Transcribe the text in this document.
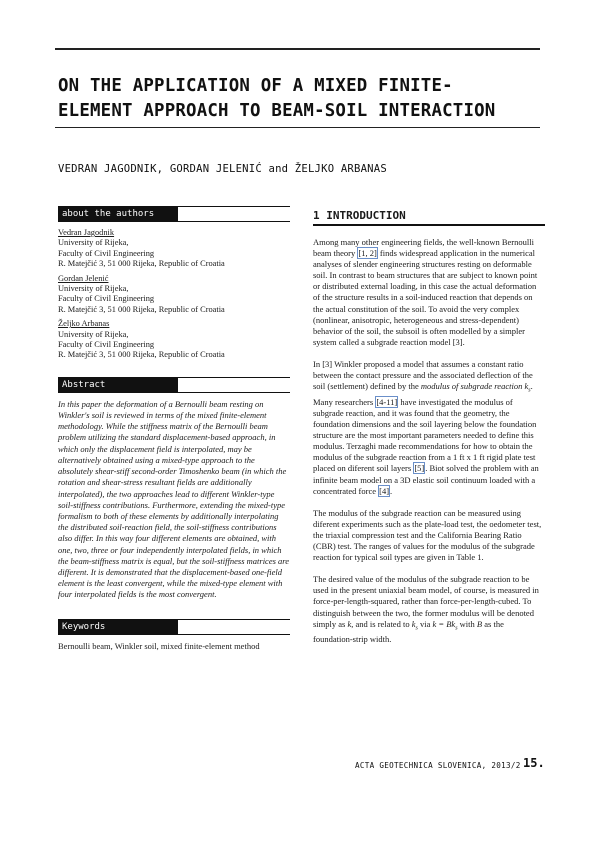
ON THE APPLICATION OF A MIXED FINITE-
ELEMENT APPROACH TO BEAM-SOIL INTERACTION
VEDRAN JAGODNIK, GORDAN JELENIĆ and ŽELJKO ARBANAS
about the authors
Vedran Jagodnik
University of Rijeka,
Faculty of Civil Engineering
R. Matejčić 3, 51 000 Rijeka, Republic of Croatia
Gordan Jelenić
University of Rijeka,
Faculty of Civil Engineering
R. Matejčić 3, 51 000 Rijeka, Republic of Croatia
Željko Arbanas
University of Rijeka,
Faculty of Civil Engineering
R. Matejčić 3, 51 000 Rijeka, Republic of Croatia
Abstract

In this paper the deformation of a Bernoulli beam resting on Winkler's soil is reviewed in terms of the mixed finite-element methodology. While the stiffness matrix of the Bernoulli beam problem utilizing the standard displacement-based approach, in which only the displacement field is interpolated, may be alternatively obtained using a mixed-type approach to the absolutely shear-stiff second-order Timoshenko beam (in which the rotation and shear-stress resultant fields are additionally interpolated), the two approaches lead to different Winkler-type soil-stiffness contributions. Furthermore, extending the mixed-type formalism to both of these elements by additionally interpolating the distributed soil-reaction field, the soil-stiffness contributions also differ. In this way four different elements are obtained, with one, two, three or four independently interpolated fields, in which the beam-stiffness matrix is equal, but the soil-stiffness matrices are different. It is demonstrated that the displacement-based one-field element is the least convergent, while the mixed-type element with four interpolated fields is the most convergent.

Keywords

Bernoulli beam, Winkler soil, mixed finite-element method

1 INTRODUCTION

Among many other engineering fields, the well-known Bernoulli beam theory [1, 2] finds widespread application in the numerical analyses of slender engineering structures resting on deformable soil. In contrast to beam structures that are subject to known point or distributed external loading, in this case the actual deformation of the structure results in a soil-induced reaction that depends on the actual constitution of the soil. To avoid the very complex (nonlinear, anisotropic, heterogeneous and stress-dependent) behavior of the soil, the subsoil is often modelled by a simpler system called a subgrade reaction model [3].

In [3] Winkler proposed a model that assumes a constant ratio between the contact pressure and the associated deflection of the soil (settlement) defined by the modulus of subgrade reaction $k_s$. Many researchers [4-11] have investigated the modulus of subgrade reaction, and it was found that the geometry, the foundation dimensions and the soil layering below the foundation structure are the most important parameters needed to define this modulus. Terzaghi made recommendations for how to obtain the modulus of the subgrade reaction from a 1 ft x 1 ft rigid plate test placed on diferent soil layers [5]. Biot solved the problem with an infinite beam model on a 3D elastic soil continuum loaded with a concentrated force [4].

The modulus of the subgrade reaction can be measured using diferent experiments such as the plate-load test, the oedometer test, the triaxial compression test and the California Bearing Ratio (CBR) test. The ranges of values for the modulus of the subgrade reaction for typical soil types are given in Table 1.

The desired value of the modulus of the subgrade reaction to be used in the present uniaxial beam model, of course, is measured in force-per-length-squared, rather than force-per-length-cubed. To distinguish between the two, the former modulus will be denoted simply as k, and is related to $k_s$ via $k = Bk_s$ with B as the foundation-strip width.

ACTA GEOTECHNICA SLOVENICA, 2013/2 15.
